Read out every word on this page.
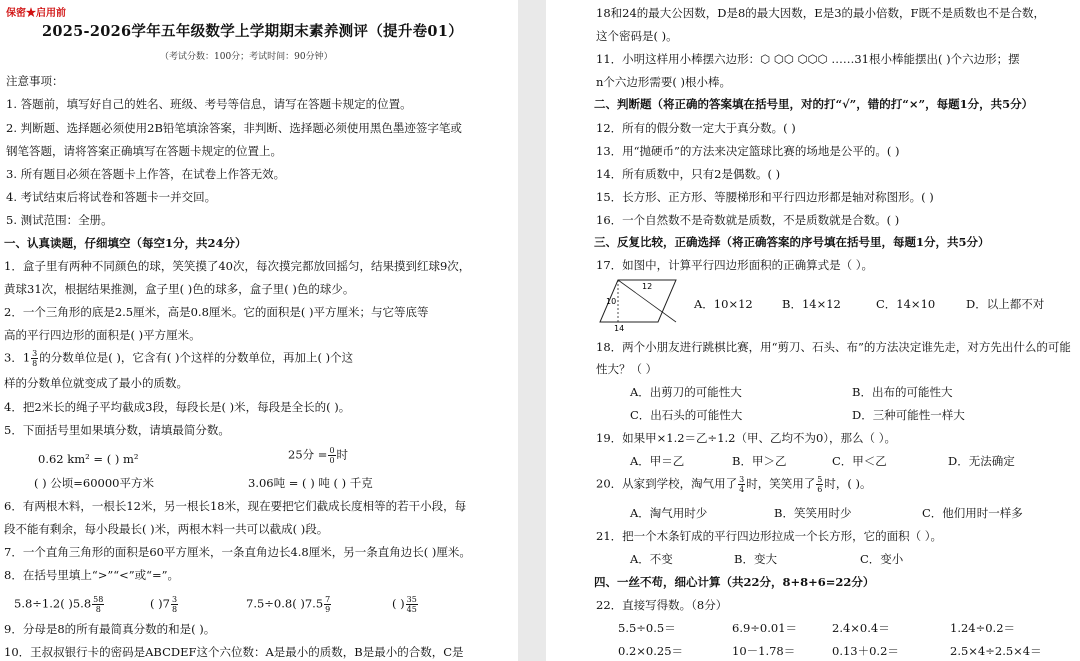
保密★启用前
2025-2026学年五年级数学上学期期末素养测评（提升卷01）
（考试分数：100分；考试时间：90分钟）
注意事项：
1. 答题前，填写好自己的姓名、班级、考号等信息，请写在答题卡规定的位置。
2. 判断题、选择题必须使用2B铅笔填涂答案，非判断、选择题必须使用黑色墨迹签字笔或
钢笔答题，请将答案正确填写在答题卡规定的位置上。
3. 所有题目必须在答题卡上作答，在试卷上作答无效。
4. 考试结束后将试卷和答题卡一并交回。
5. 测试范围：全册。
一、认真读题，仔细填空（每空1分，共24分）
1．盒子里有两种不同颜色的球，笑笑摸了40次，每次摸完都放回摇匀，结果摸到红球9次，
黄球31次，根据结果推测，盒子里( )色的球多，盒子里( )色的球少。
2．一个三角形的底是2.5厘米，高是0.8厘米。它的面积是( )平方厘米；与它等底等
高的平行四边形的面积是( )平方厘米。
3．$1 \frac{3}{8}$ 的分数单位是( )，它含有( )个这样的分数单位，再加上( )个这
样的分数单位就变成了最小的质数。
4．把2米长的绳子平均截成3段，每段长是( )米，每段是全长的( )。
5．下面括号里如果填分数，请填最简分数。
0.62 km² = ( ) m²	25分 = $\frac{0}{0}$ 时
( ) 公顷=60000平方米	3.06吨 = ( ) 吨 ( ) 千克
6．有两根木料，一根长12米，另一根长18米，现在要把它们截成长度相等的若干小段，每
段不能有剩余，每小段最长( )米，两根木料一共可以截成( )段。
7．一个直角三角形的面积是60平方厘米，一条直角边长4.8厘米，另一条直角边长( )厘米。
8．在括号里填上“>”“<”或“=”。
5.8÷1.2( )$5.8 \frac{58}{8}$	( )$7 \frac{3}{8}$	7.5÷0.8( )$7.5 \frac{7}{9}$	( ) $\frac{35}{45}$
9．分母是8的所有最简真分数的和是( )。
10．王叔叔银行卡的密码是ABCDEF这个六位数：A是最小的质数，B是最小的合数，C是
18和24的最大公因数，D是8的最大因数，E是3的最小倍数，F既不是质数也不是合数，
这个密码是( )。
11．小明这样用小棒摆六边形：⬡ ⬡⬡ ⬡⬡⬡ ……31根小棒能摆出( )个六边形；摆
n个六边形需要( )根小棒。
二、判断题（将正确的答案填在括号里，对的打“√”，错的打“×”，每题1分，共5分）
12．所有的假分数一定大于真分数。( )
13．用“抛硬币”的方法来决定篮球比赛的场地是公平的。( )
14．所有质数中，只有2是偶数。( )
15．长方形、正方形、等腰梯形和平行四边形都是轴对称图形。( )
16．一个自然数不是奇数就是质数，不是质数就是合数。( )
三、反复比较，正确选择（将正确答案的序号填在括号里，每题1分，共5分）
17．如图中，计算平行四边形面积的正确算式是（ ）。
12
10
14
A．10×12	B．14×12	C．14×10	D．以上都不对
18．两个小朋友进行跳棋比赛，用“剪刀、石头、布”的方法决定谁先走，对方先出什么的可能
性大？（ ）
A．出剪刀的可能性大	B．出布的可能性大
C．出石头的可能性大	D．三种可能性一样大
19．如果甲×1.2＝乙÷1.2（甲、乙均不为0），那么（ ）。
A．甲＝乙	B．甲＞乙	C．甲＜乙	D．无法确定
20．从家到学校，淘气用了 $\frac{3}{4}$ 时，笑笑用了 $\frac{5}{6}$ 时，( )。
A．淘气用时少	B．笑笑用时少	C．他们用时一样多
21．把一个木条钉成的平行四边形拉成一个长方形，它的面积（ ）。
A．不变	B．变大	C．变小
四、一丝不苟，细心计算（共22分，8+8+6=22分）
22．直接写得数。（8分）
5.5÷0.5＝	6.9÷0.01＝	2.4×0.4＝	1.24÷0.2＝
0.2×0.25＝	10－1.78＝	0.13＋0.2＝	2.5×4÷2.5×4＝
